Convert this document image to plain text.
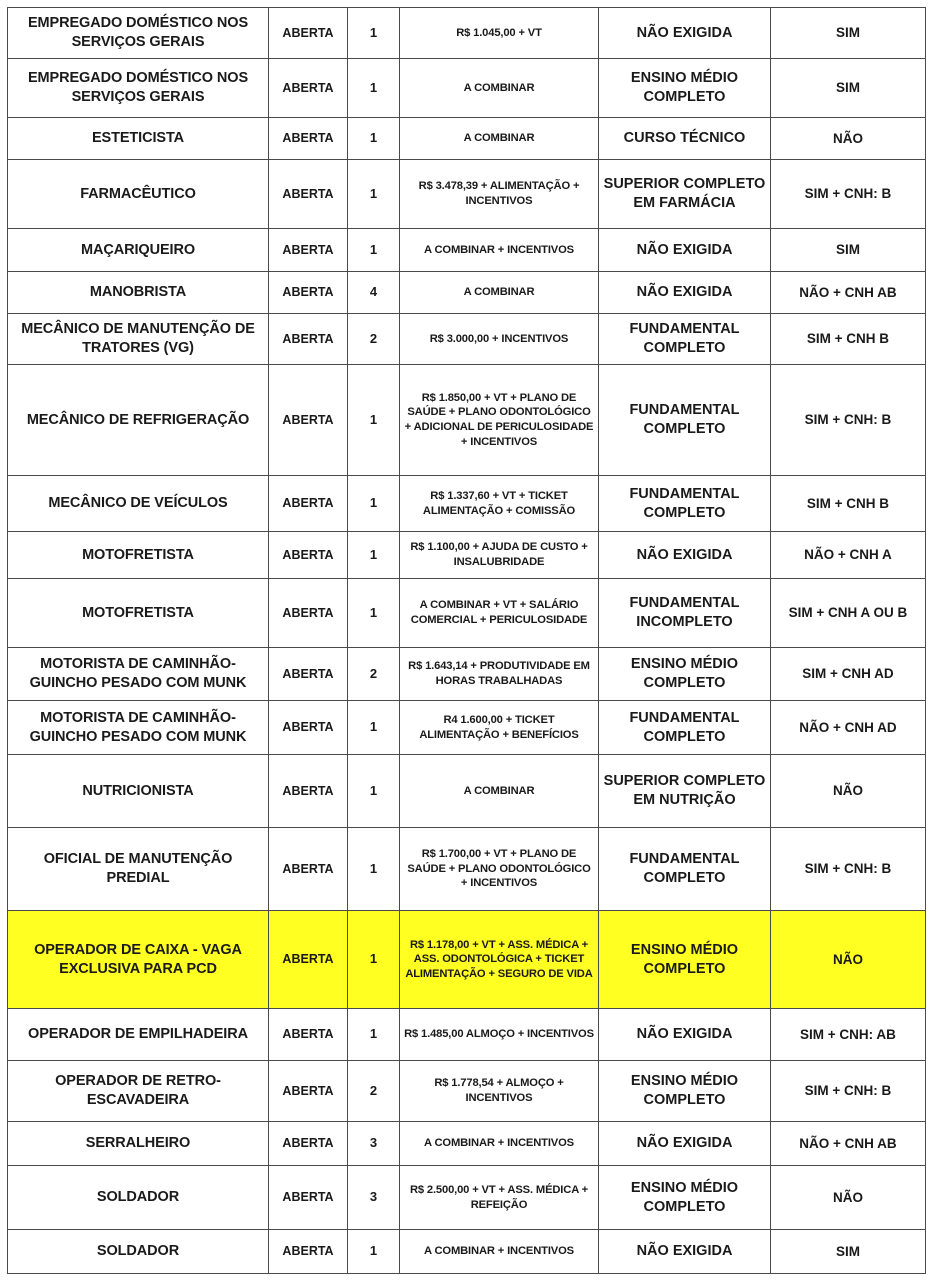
EMPREGADO DOMÉSTICO NOS SERVIÇOS GERAIS	ABERTA	1	R$ 1.045,00 + VT	NÃO EXIGIDA	SIM
EMPREGADO DOMÉSTICO NOS SERVIÇOS GERAIS	ABERTA	1	A COMBINAR	ENSINO MÉDIO COMPLETO	SIM
ESTETICISTA	ABERTA	1	A COMBINAR	CURSO TÉCNICO	NÃO
FARMACÊUTICO	ABERTA	1	R$ 3.478,39 + ALIMENTAÇÃO + INCENTIVOS	SUPERIOR COMPLETO EM FARMÁCIA	SIM + CNH: B
MAÇARIQUEIRO	ABERTA	1	A COMBINAR + INCENTIVOS	NÃO EXIGIDA	SIM
MANOBRISTA	ABERTA	4	A COMBINAR	NÃO EXIGIDA	NÃO + CNH AB
MECÂNICO DE MANUTENÇÃO DE TRATORES (VG)	ABERTA	2	R$ 3.000,00 + INCENTIVOS	FUNDAMENTAL COMPLETO	SIM + CNH B
MECÂNICO DE REFRIGERAÇÃO	ABERTA	1	R$ 1.850,00 + VT + PLANO DE SAÚDE + PLANO ODONTOLÓGICO + ADICIONAL DE PERICULOSIDADE + INCENTIVOS	FUNDAMENTAL COMPLETO	SIM + CNH: B
MECÂNICO DE VEÍCULOS	ABERTA	1	R$ 1.337,60 + VT + TICKET ALIMENTAÇÃO + COMISSÃO	FUNDAMENTAL COMPLETO	SIM + CNH B
MOTOFRETISTA	ABERTA	1	R$ 1.100,00 + AJUDA DE CUSTO + INSALUBRIDADE	NÃO EXIGIDA	NÃO + CNH A
MOTOFRETISTA	ABERTA	1	A COMBINAR + VT + SALÁRIO COMERCIAL + PERICULOSIDADE	FUNDAMENTAL INCOMPLETO	SIM + CNH A OU B
MOTORISTA DE CAMINHÃO-GUINCHO PESADO COM MUNK	ABERTA	2	R$ 1.643,14 + PRODUTIVIDADE EM HORAS TRABALHADAS	ENSINO MÉDIO COMPLETO	SIM + CNH AD
MOTORISTA DE CAMINHÃO-GUINCHO PESADO COM MUNK	ABERTA	1	R4 1.600,00 + TICKET ALIMENTAÇÃO + BENEFÍCIOS	FUNDAMENTAL COMPLETO	NÃO + CNH AD
NUTRICIONISTA	ABERTA	1	A COMBINAR	SUPERIOR COMPLETO EM NUTRIÇÃO	NÃO
OFICIAL DE MANUTENÇÃO PREDIAL	ABERTA	1	R$ 1.700,00 + VT + PLANO DE SAÚDE + PLANO ODONTOLÓGICO + INCENTIVOS	FUNDAMENTAL COMPLETO	SIM + CNH: B
OPERADOR DE CAIXA - VAGA EXCLUSIVA PARA PCD	ABERTA	1	R$ 1.178,00 + VT + ASS. MÉDICA + ASS. ODONTOLÓGICA + TICKET ALIMENTAÇÃO + SEGURO DE VIDA	ENSINO MÉDIO COMPLETO	NÃO
OPERADOR DE EMPILHADEIRA	ABERTA	1	R$ 1.485,00 ALMOÇO + INCENTIVOS	NÃO EXIGIDA	SIM + CNH: AB
OPERADOR DE RETRO-ESCAVADEIRA	ABERTA	2	R$ 1.778,54 + ALMOÇO + INCENTIVOS	ENSINO MÉDIO COMPLETO	SIM + CNH: B
SERRALHEIRO	ABERTA	3	A COMBINAR + INCENTIVOS	NÃO EXIGIDA	NÃO + CNH AB
SOLDADOR	ABERTA	3	R$ 2.500,00 + VT + ASS. MÉDICA + REFEIÇÃO	ENSINO MÉDIO COMPLETO	NÃO
SOLDADOR	ABERTA	1	A COMBINAR + INCENTIVOS	NÃO EXIGIDA	SIM
